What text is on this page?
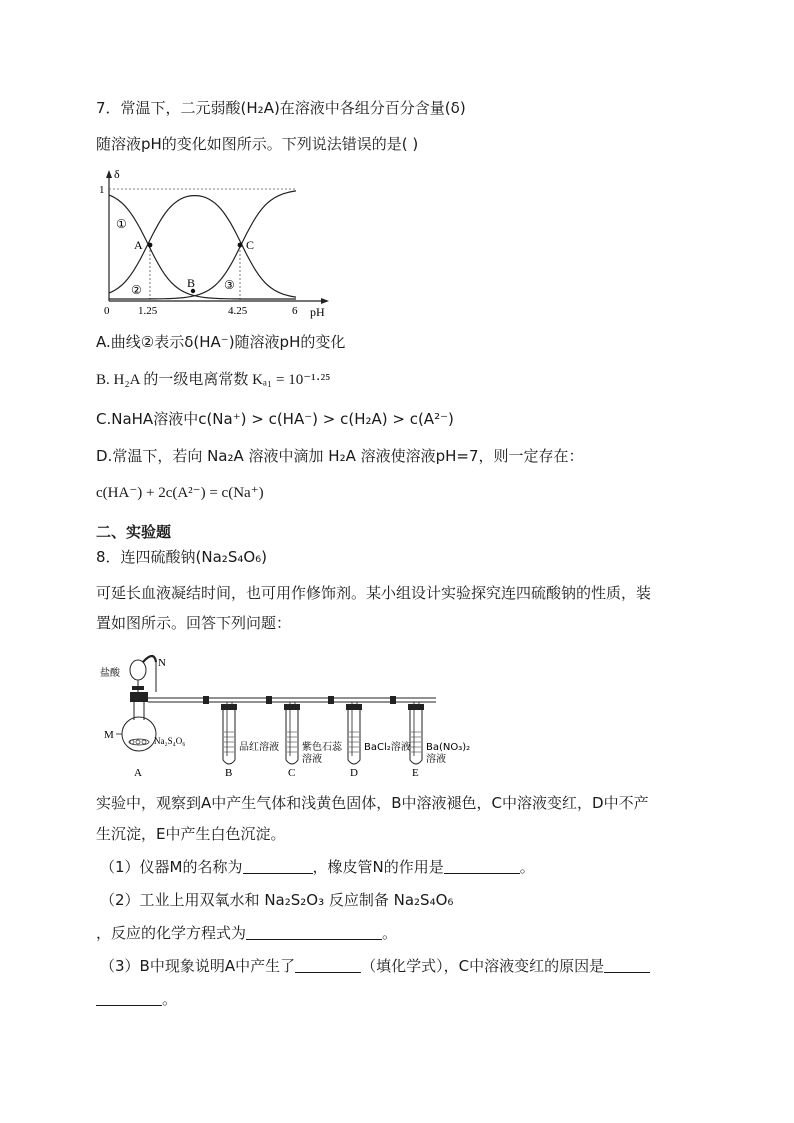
7．常温下，二元弱酸(H₂A)在溶液中各组分百分含量(δ)
随溶液pH的变化如图所示。下列说法错误的是( )
δ
1
①
②	③
A
B
C
0	1.25	4.25	6 pH
A.曲线②表示δ(HA⁻)随溶液pH的变化
B. H₂A 的一级电离常数 Kₐ₁ = 10⁻¹·²⁵
C.NaHA溶液中c(Na⁺) > c(HA⁻) > c(H₂A) > c(A²⁻)
D.常温下，若向 Na₂A 溶液中滴加 H₂A 溶液使溶液pH=7，则一定存在：
c(HA⁻) + 2c(A²⁻) = c(Na⁺)
二、实验题
8．连四硫酸钠(Na₂S₄O₆)
可延长血液凝结时间，也可用作修饰剂。某小组设计实验探究连四硫酸钠的性质，装
置如图所示。回答下列问题：
N
盐酸
M	Na₂S₄O₆
A
品红溶液
B
紫色石蕊
溶液
C
BaCl₂溶液
D
Ba(NO₃)₂
溶液
E
实验中，观察到A中产生气体和浅黄色固体，B中溶液褪色，C中溶液变红，D中不产
生沉淀，E中产生白色沉淀。
（1）仪器M的名称为	，橡皮管N的作用是	。
（2）工业上用双氧水和 Na₂S₂O₃ 反应制备 Na₂S₄O₆
，反应的化学方程式为	。
（3）B中现象说明A中产生了	（填化学式），C中溶液变红的原因是
。
